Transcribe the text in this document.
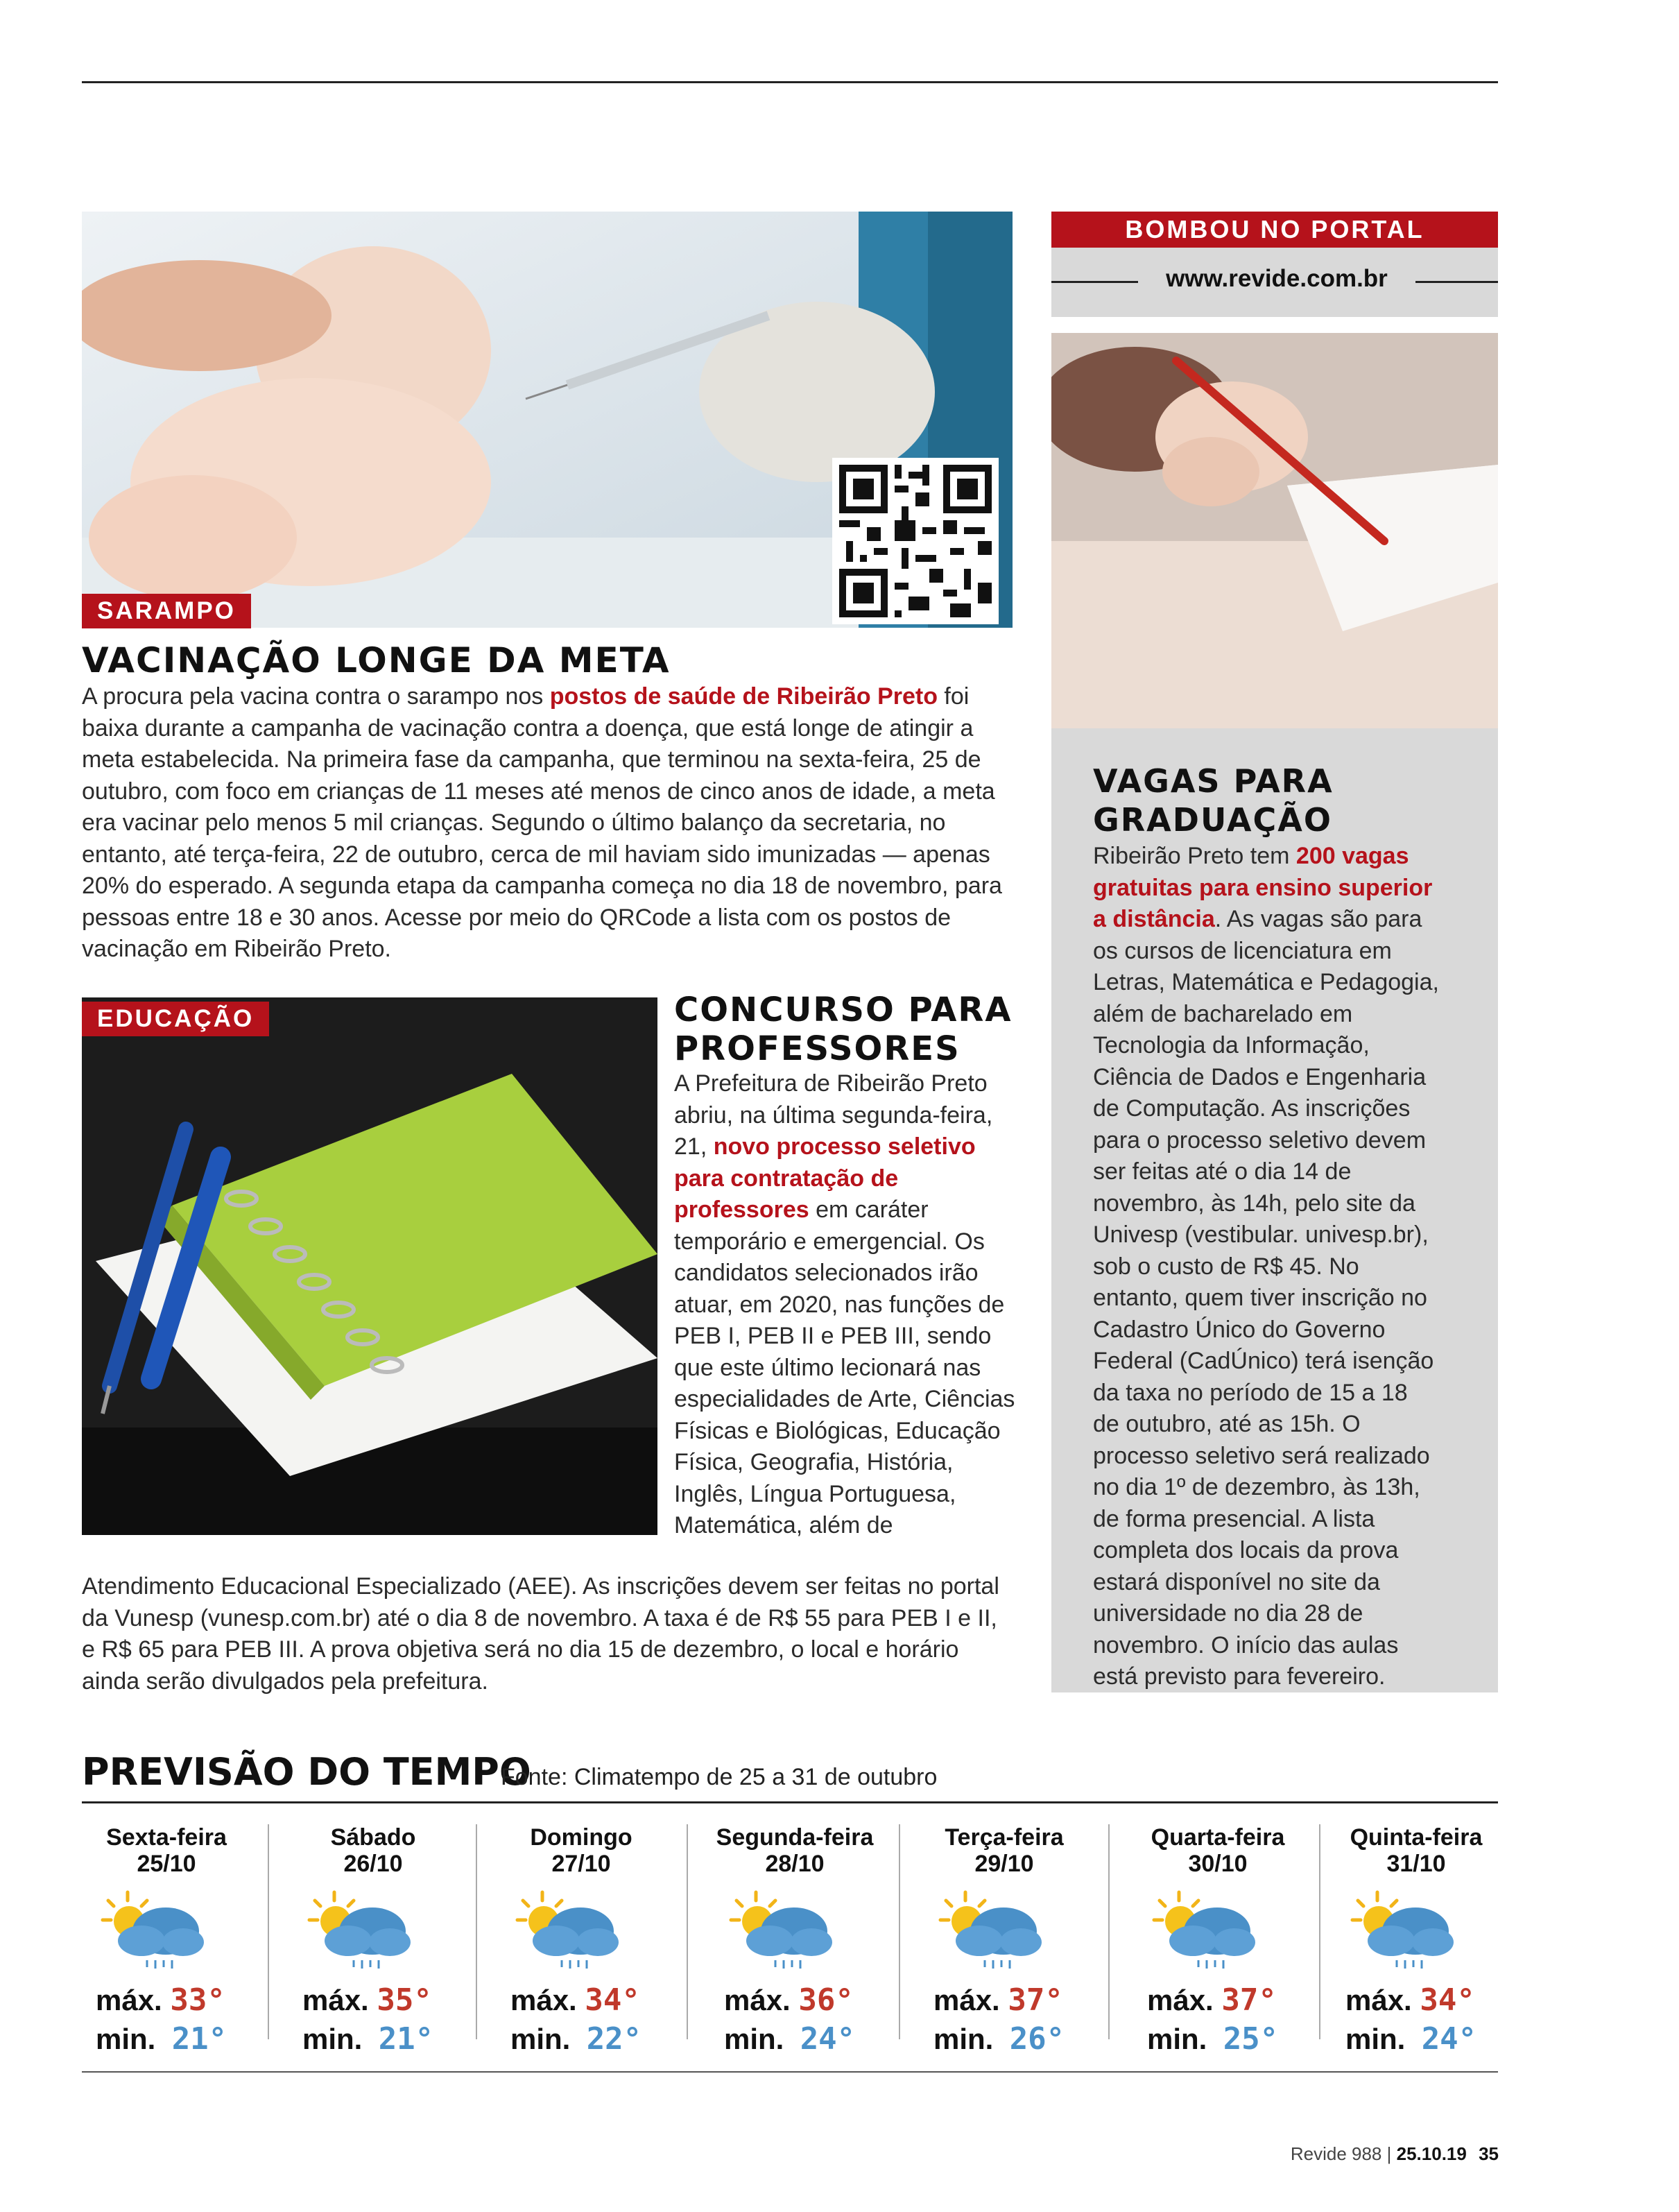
SARAMPO
VACINAÇÃO LONGE DA META

A procura pela vacina contra o sarampo nos postos de saúde de Ribeirão Preto foi baixa durante a campanha de vacinação contra a doença, que está longe de atingir a meta estabelecida. Na primeira fase da campanha, que terminou na sexta-feira, 25 de outubro, com foco em crianças de 11 meses até menos de cinco anos de idade, a meta era vacinar pelo menos 5 mil crianças. Segundo o último balanço da secretaria, no entanto, até terça-feira, 22 de outubro, cerca de mil haviam sido imunizadas — apenas 20% do esperado. A segunda etapa da campanha começa no dia 18 de novembro, para pessoas entre 18 e 30 anos. Acesse por meio do QRCode a lista com os postos de vacinação em Ribeirão Preto.

EDUCAÇÃO	CONCURSO PARA PROFESSORES

A Prefeitura de Ribeirão Preto abriu, na última segunda-feira, 21, novo processo seletivo para contratação de professores em caráter temporário e emergencial. Os candidatos selecionados irão atuar, em 2020, nas funções de PEB I, PEB II e PEB III, sendo que este último lecionará nas especialidades de Arte, Ciências Físicas e Biológicas, Educação Física, Geografia, História, Inglês, Língua Portuguesa, Matemática, além de

Atendimento Educacional Especializado (AEE). As inscrições devem ser feitas no portal da Vunesp (vunesp.com.br) até o dia 8 de novembro. A taxa é de R$ 55 para PEB I e II, e R$ 65 para PEB III. A prova objetiva será no dia 15 de dezembro, o local e horário ainda serão divulgados pela prefeitura.

BOMBOU NO PORTAL
www.revide.com.br
VAGAS PARA GRADUAÇÃO

Ribeirão Preto tem 200 vagas gratuitas para ensino superior a distância. As vagas são para os cursos de licenciatura em Letras, Matemática e Pedagogia, além de bacharelado em Tecnologia da Informação, Ciência de Dados e Engenharia de Computação. As inscrições para o processo seletivo devem ser feitas até o dia 14 de novembro, às 14h, pelo site da Univesp (vestibular. univesp.br), sob o custo de R$ 45. No entanto, quem tiver inscrição no Cadastro Único do Governo Federal (CadÚnico) terá isenção da taxa no período de 15 a 18 de outubro, até as 15h. O processo seletivo será realizado no dia 1º de dezembro, às 13h, de forma presencial. A lista completa dos locais da prova estará disponível no site da universidade no dia 28 de novembro. O início das aulas está previsto para fevereiro.

PREVISÃO DO TEMPO
Fonte: Climatempo de 25 a 31 de outubro
Sexta-feira
25/10
máx. 33°
min. 21°
Sábado
26/10
máx. 35°
min. 21°
Domingo
27/10
máx. 34°
min. 22°
Segunda-feira
28/10
máx. 36°
min. 24°
Terça-feira
29/10
máx. 37°
min. 26°
Quarta-feira
30/10
máx. 37°
min. 25°
Quinta-feira
31/10
máx. 34°
min. 24°
Revide 988 | 25.10.19 35
